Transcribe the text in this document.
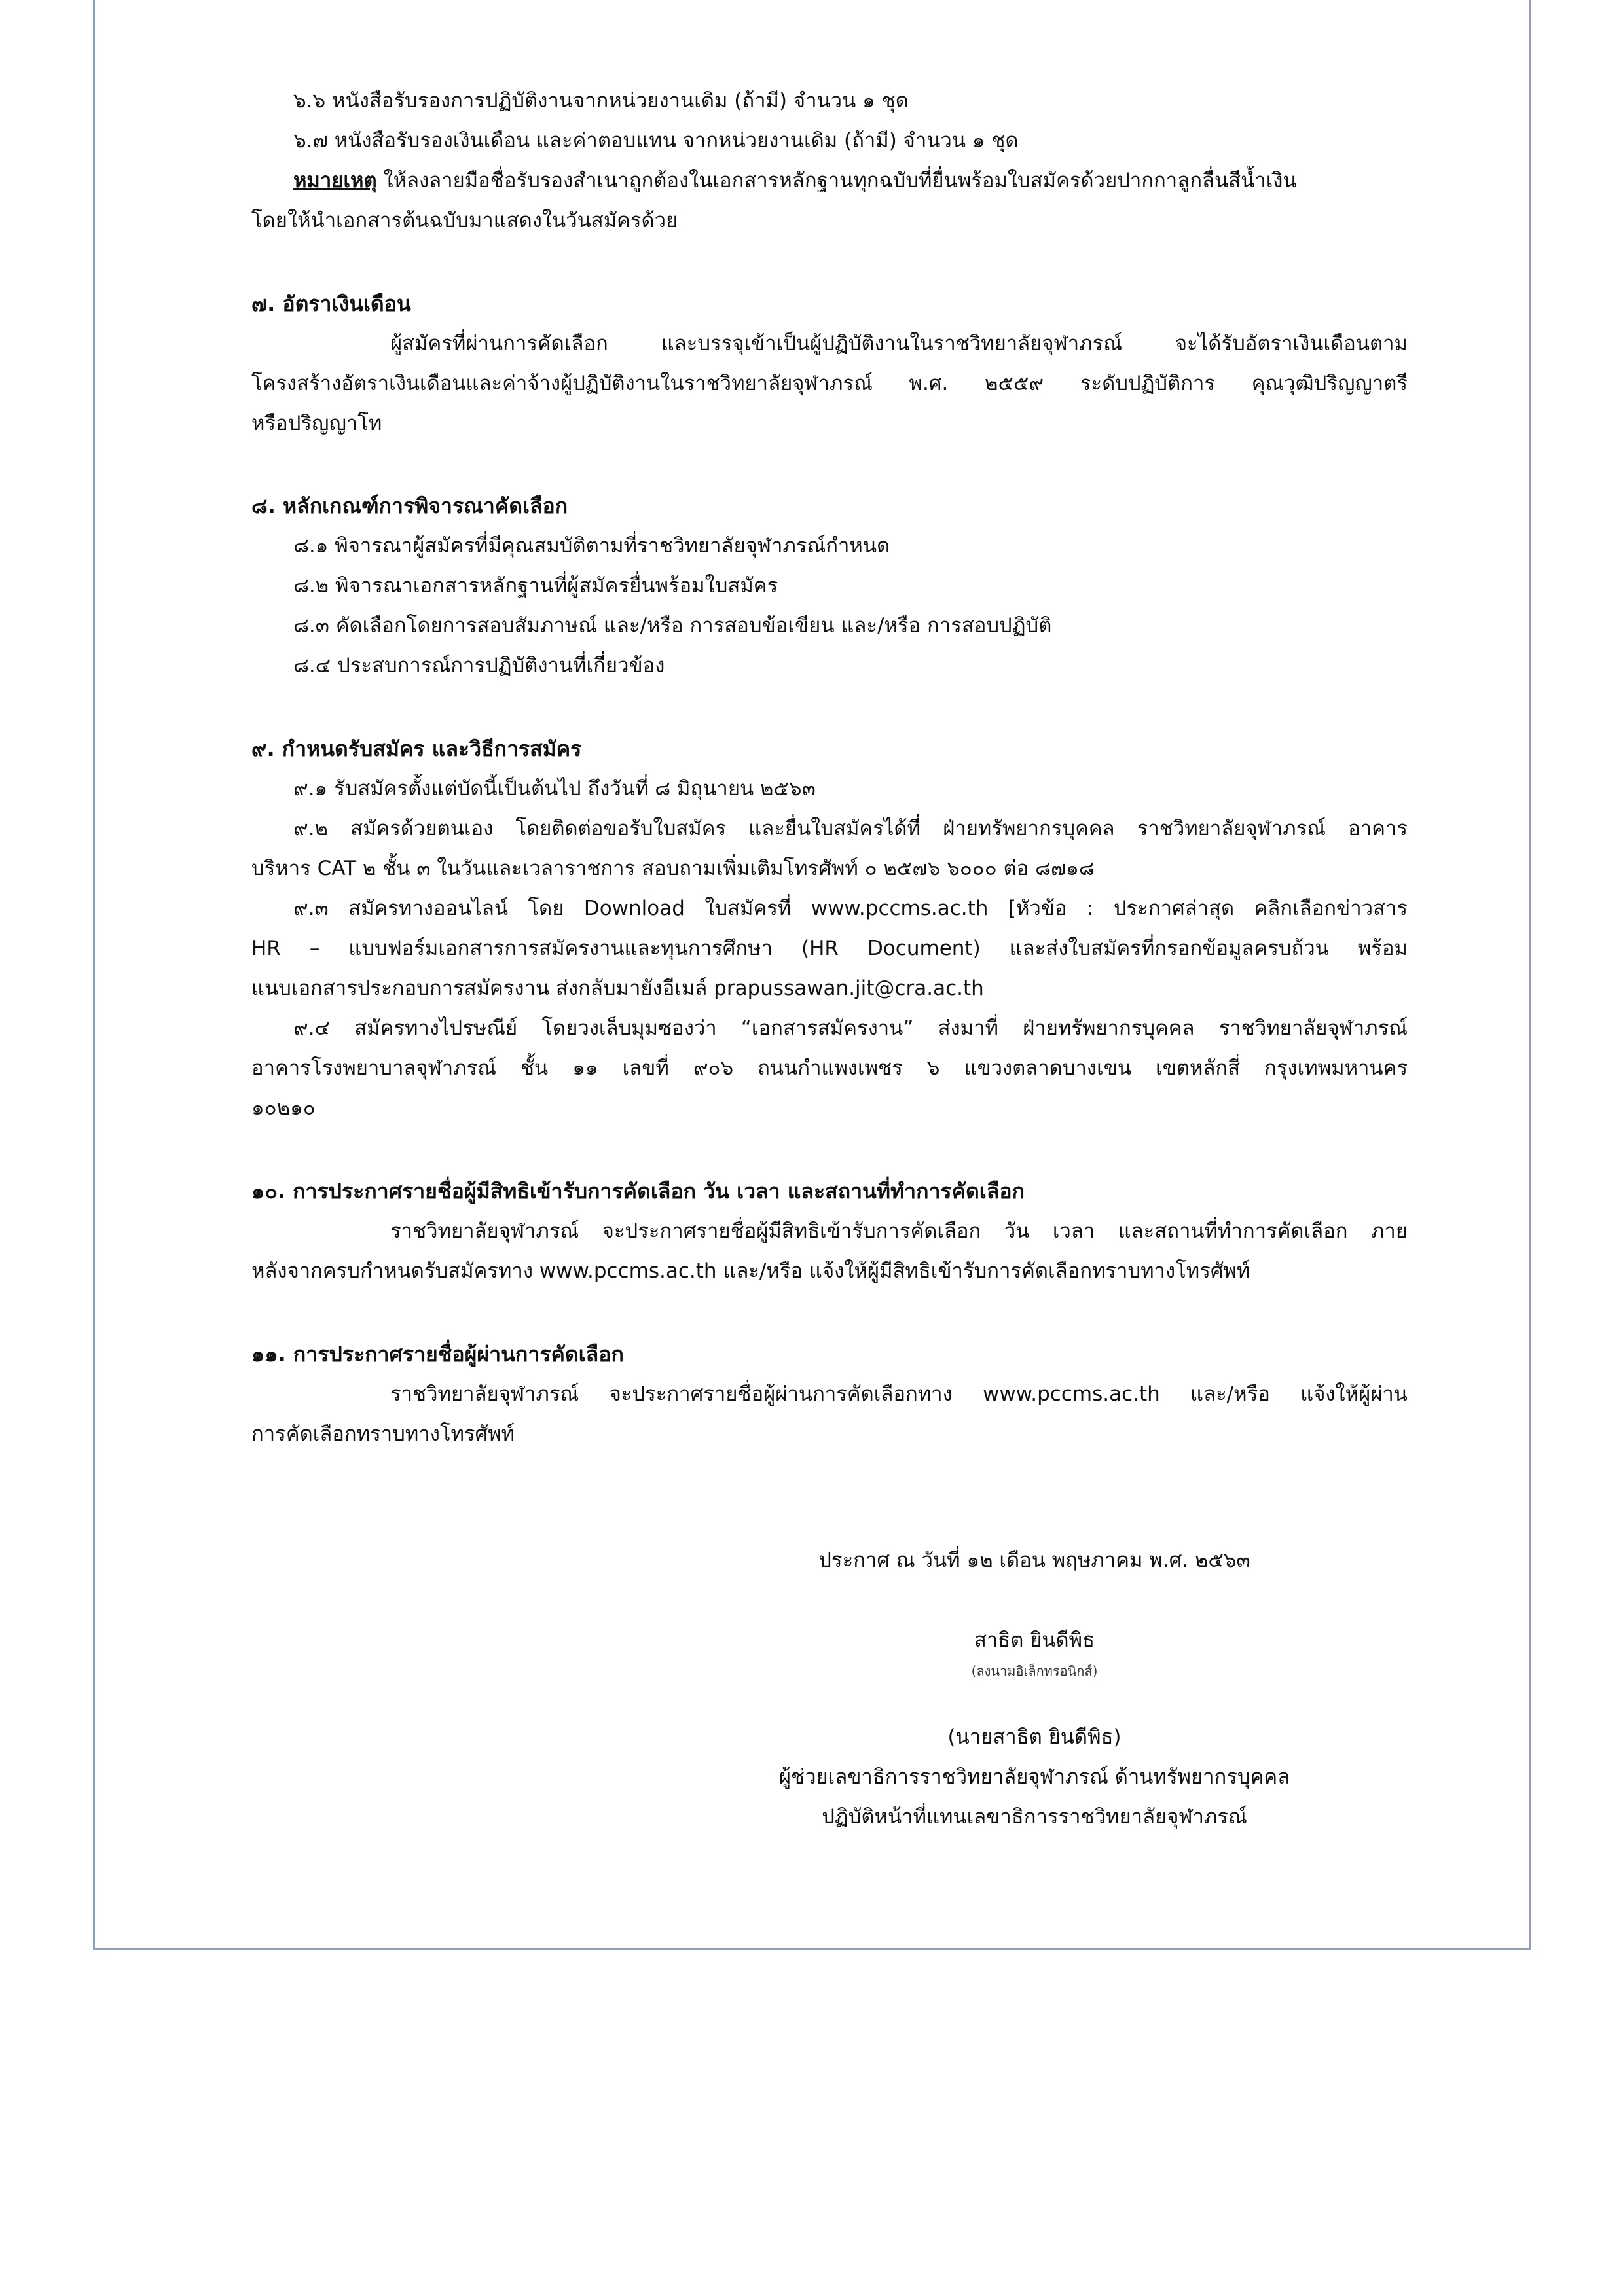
๖.๖ หนังสือรับรองการปฏิบัติงานจากหน่วยงานเดิม (ถ้ามี) จำนวน ๑ ชุด
๖.๗ หนังสือรับรองเงินเดือน และค่าตอบแทน จากหน่วยงานเดิม (ถ้ามี) จำนวน ๑ ชุด
หมายเหตุ ให้ลงลายมือชื่อรับรองสำเนาถูกต้องในเอกสารหลักฐานทุกฉบับที่ยื่นพร้อมใบสมัครด้วยปากกาลูกลื่นสีน้ำเงิน
โดยให้นำเอกสารต้นฉบับมาแสดงในวันสมัครด้วย
๗. อัตราเงินเดือน
ผู้สมัครที่ผ่านการคัดเลือก และบรรจุเข้าเป็นผู้ปฏิบัติงานในราชวิทยาลัยจุฬาภรณ์ จะได้รับอัตราเงินเดือนตาม
โครงสร้างอัตราเงินเดือนและค่าจ้างผู้ปฏิบัติงานในราชวิทยาลัยจุฬาภรณ์ พ.ศ. ๒๕๕๙ ระดับปฏิบัติการ คุณวุฒิปริญญาตรี
หรือปริญญาโท
๘. หลักเกณฑ์การพิจารณาคัดเลือก
๘.๑ พิจารณาผู้สมัครที่มีคุณสมบัติตามที่ราชวิทยาลัยจุฬาภรณ์กำหนด
๘.๒ พิจารณาเอกสารหลักฐานที่ผู้สมัครยื่นพร้อมใบสมัคร
๘.๓ คัดเลือกโดยการสอบสัมภาษณ์ และ/หรือ การสอบข้อเขียน และ/หรือ การสอบปฏิบัติ
๘.๔ ประสบการณ์การปฏิบัติงานที่เกี่ยวข้อง
๙. กำหนดรับสมัคร และวิธีการสมัคร
๙.๑ รับสมัครตั้งแต่บัดนี้เป็นต้นไป ถึงวันที่ ๘ มิถุนายน ๒๕๖๓
๙.๒ สมัครด้วยตนเอง โดยติดต่อขอรับใบสมัคร และยื่นใบสมัครได้ที่ ฝ่ายทรัพยากรบุคคล ราชวิทยาลัยจุฬาภรณ์ อาคาร
บริหาร CAT ๒ ชั้น ๓ ในวันและเวลาราชการ สอบถามเพิ่มเติมโทรศัพท์ ๐ ๒๕๗๖ ๖๐๐๐ ต่อ ๘๗๑๘
๙.๓ สมัครทางออนไลน์ โดย Download ใบสมัครที่ www.pccms.ac.th [หัวข้อ : ประกาศล่าสุด คลิกเลือกข่าวสาร
HR – แบบฟอร์มเอกสารการสมัครงานและทุนการศึกษา (HR Document) และส่งใบสมัครที่กรอกข้อมูลครบถ้วน พร้อม
แนบเอกสารประกอบการสมัครงาน ส่งกลับมายังอีเมล์ prapussawan.jit@cra.ac.th
๙.๔ สมัครทางไปรษณีย์ โดยวงเล็บมุมซองว่า “เอกสารสมัครงาน” ส่งมาที่ ฝ่ายทรัพยากรบุคคล ราชวิทยาลัยจุฬาภรณ์
อาคารโรงพยาบาลจุฬาภรณ์ ชั้น ๑๑ เลขที่ ๙๐๖ ถนนกำแพงเพชร ๖ แขวงตลาดบางเขน เขตหลักสี่ กรุงเทพมหานคร
๑๐๒๑๐
๑๐. การประกาศรายชื่อผู้มีสิทธิเข้ารับการคัดเลือก วัน เวลา และสถานที่ทำการคัดเลือก
ราชวิทยาลัยจุฬาภรณ์ จะประกาศรายชื่อผู้มีสิทธิเข้ารับการคัดเลือก วัน เวลา และสถานที่ทำการคัดเลือก ภาย
หลังจากครบกำหนดรับสมัครทาง www.pccms.ac.th และ/หรือ แจ้งให้ผู้มีสิทธิเข้ารับการคัดเลือกทราบทางโทรศัพท์
๑๑. การประกาศรายชื่อผู้ผ่านการคัดเลือก
ราชวิทยาลัยจุฬาภรณ์ จะประกาศรายชื่อผู้ผ่านการคัดเลือกทาง www.pccms.ac.th และ/หรือ แจ้งให้ผู้ผ่าน
การคัดเลือกทราบทางโทรศัพท์
ประกาศ ณ วันที่ ๑๒ เดือน พฤษภาคม พ.ศ. ๒๕๖๓
สาธิต ยินดีพิธ
(ลงนามอิเล็กทรอนิกส์)
(นายสาธิต ยินดีพิธ)
ผู้ช่วยเลขาธิการราชวิทยาลัยจุฬาภรณ์ ด้านทรัพยากรบุคคล
ปฏิบัติหน้าที่แทนเลขาธิการราชวิทยาลัยจุฬาภรณ์
